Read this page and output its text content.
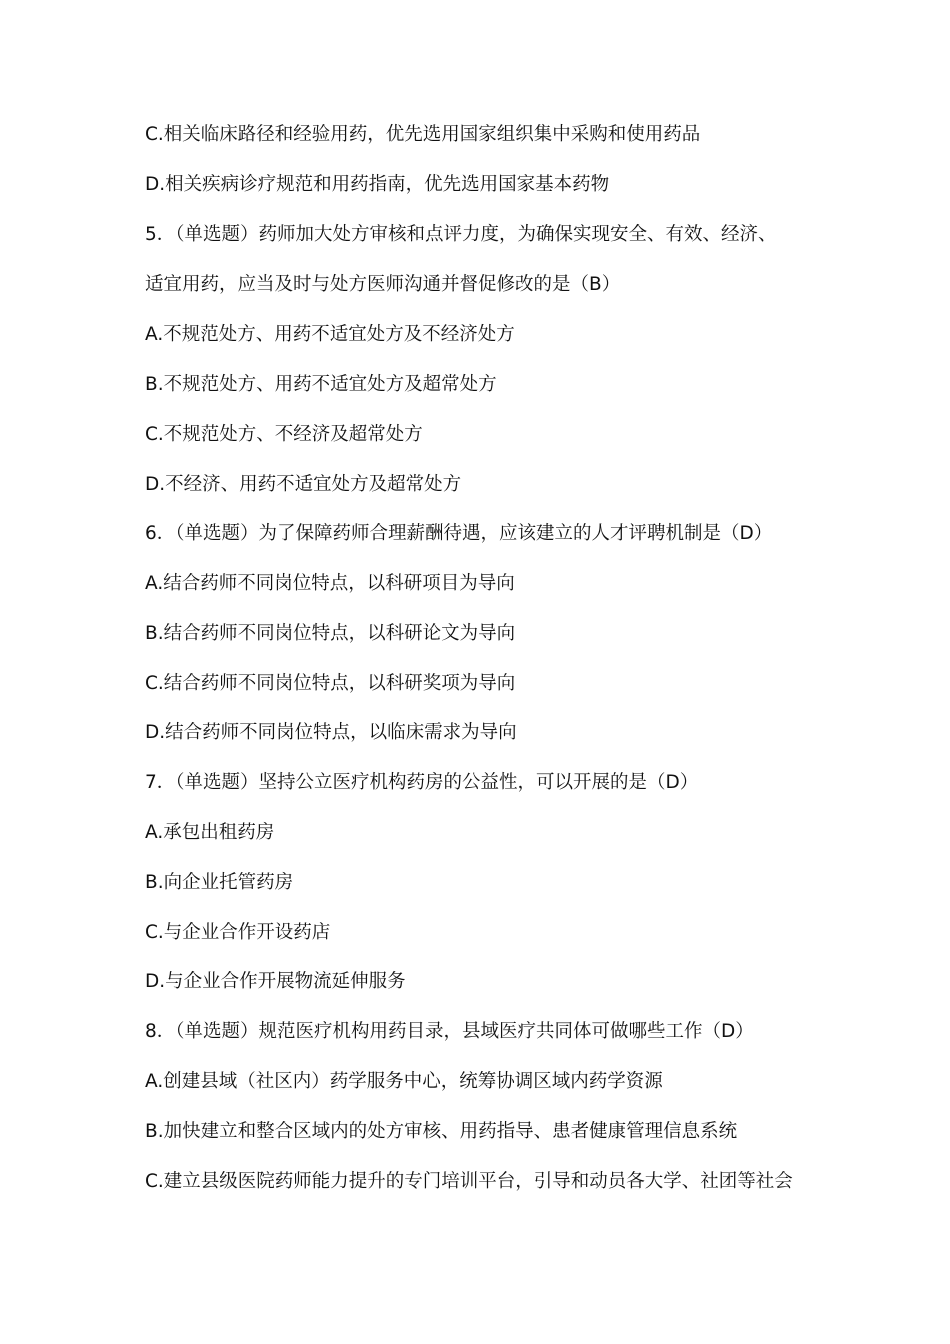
C.相关临床路径和经验用药，优先选用国家组织集中采购和使用药品
D.相关疾病诊疗规范和用药指南，优先选用国家基本药物
5．（单选题）药师加大处方审核和点评力度，为确保实现安全、有效、经济、
适宜用药，应当及时与处方医师沟通并督促修改的是（B）
A.不规范处方、用药不适宜处方及不经济处方
B.不规范处方、用药不适宜处方及超常处方
C.不规范处方、不经济及超常处方
D.不经济、用药不适宜处方及超常处方
6．（单选题）为了保障药师合理薪酬待遇，应该建立的人才评聘机制是（D）
A.结合药师不同岗位特点，以科研项目为导向
B.结合药师不同岗位特点，以科研论文为导向
C.结合药师不同岗位特点，以科研奖项为导向
D.结合药师不同岗位特点，以临床需求为导向
7．（单选题）坚持公立医疗机构药房的公益性，可以开展的是（D）
A.承包出租药房
B.向企业托管药房
C.与企业合作开设药店
D.与企业合作开展物流延伸服务
8．（单选题）规范医疗机构用药目录，县域医疗共同体可做哪些工作（D）
A.创建县域（社区内）药学服务中心，统筹协调区域内药学资源
B.加快建立和整合区域内的处方审核、用药指导、患者健康管理信息系统
C.建立县级医院药师能力提升的专门培训平台，引导和动员各大学、社团等社会
